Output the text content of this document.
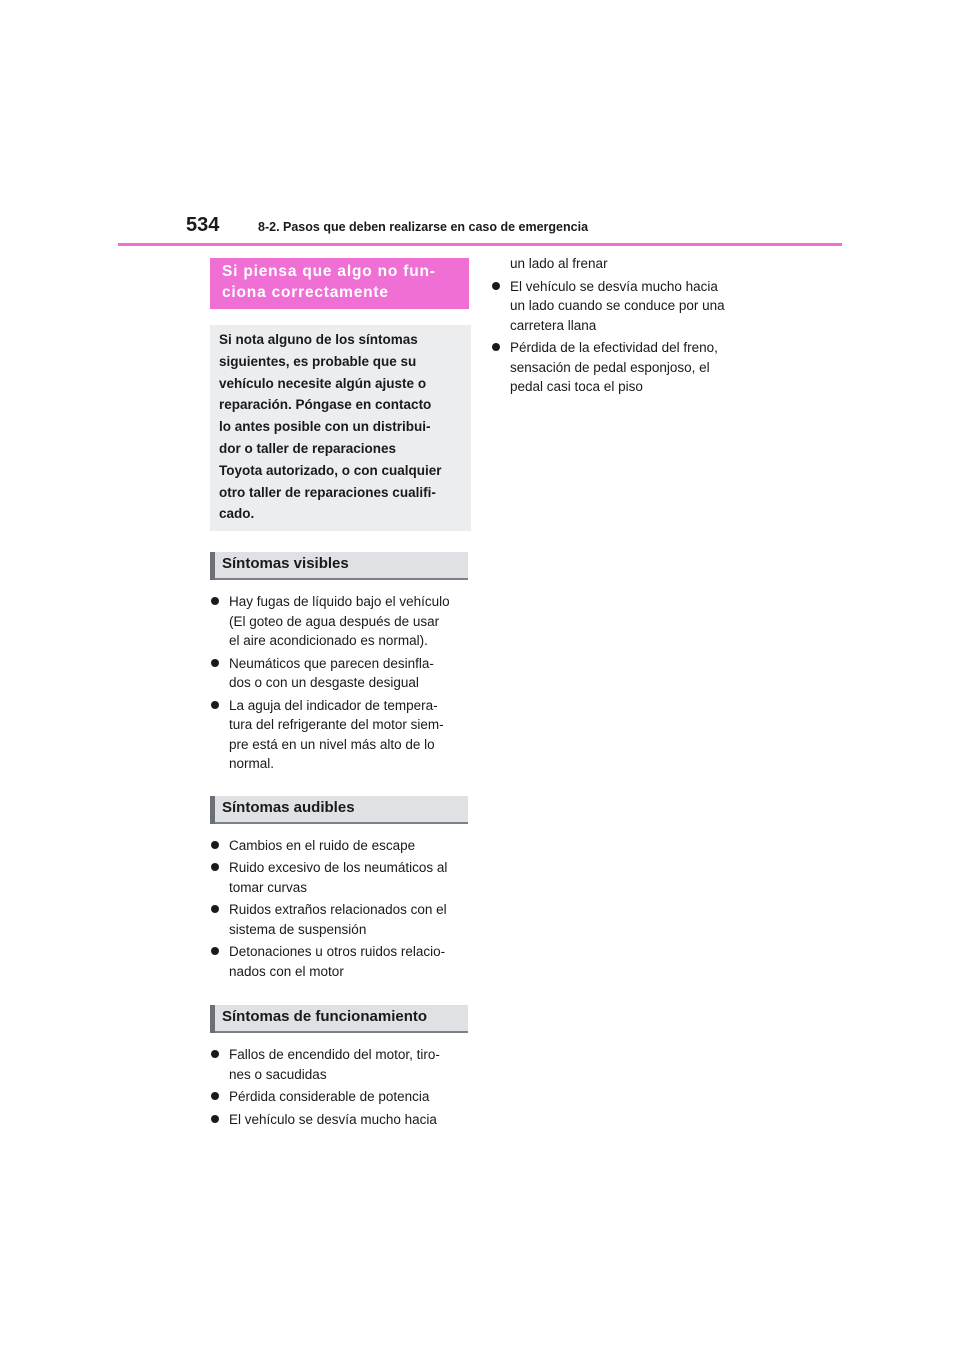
534	8-2. Pasos que deben realizarse en caso de emergencia
Si piensa que algo no fun-
ciona correctamente
Si nota alguno de los síntomas
siguientes, es probable que su
vehículo necesite algún ajuste o
reparación. Póngase en contacto
lo antes posible con un distribui-
dor o taller de reparaciones
Toyota autorizado, o con cualquier
otro taller de reparaciones cualifi-
cado.
Síntomas visibles
Hay fugas de líquido bajo el vehículo
(El goteo de agua después de usar
el aire acondicionado es normal).
Neumáticos que parecen desinfla-
dos o con un desgaste desigual
La aguja del indicador de tempera-
tura del refrigerante del motor siem-
pre está en un nivel más alto de lo
normal.
Síntomas audibles
Cambios en el ruido de escape
Ruido excesivo de los neumáticos al
tomar curvas
Ruidos extraños relacionados con el
sistema de suspensión
Detonaciones u otros ruidos relacio-
nados con el motor
Síntomas de funcionamiento
Fallos de encendido del motor, tiro-
nes o sacudidas
Pérdida considerable de potencia
El vehículo se desvía mucho hacia
un lado al frenar
El vehículo se desvía mucho hacia
un lado cuando se conduce por una
carretera llana
Pérdida de la efectividad del freno,
sensación de pedal esponjoso, el
pedal casi toca el piso
